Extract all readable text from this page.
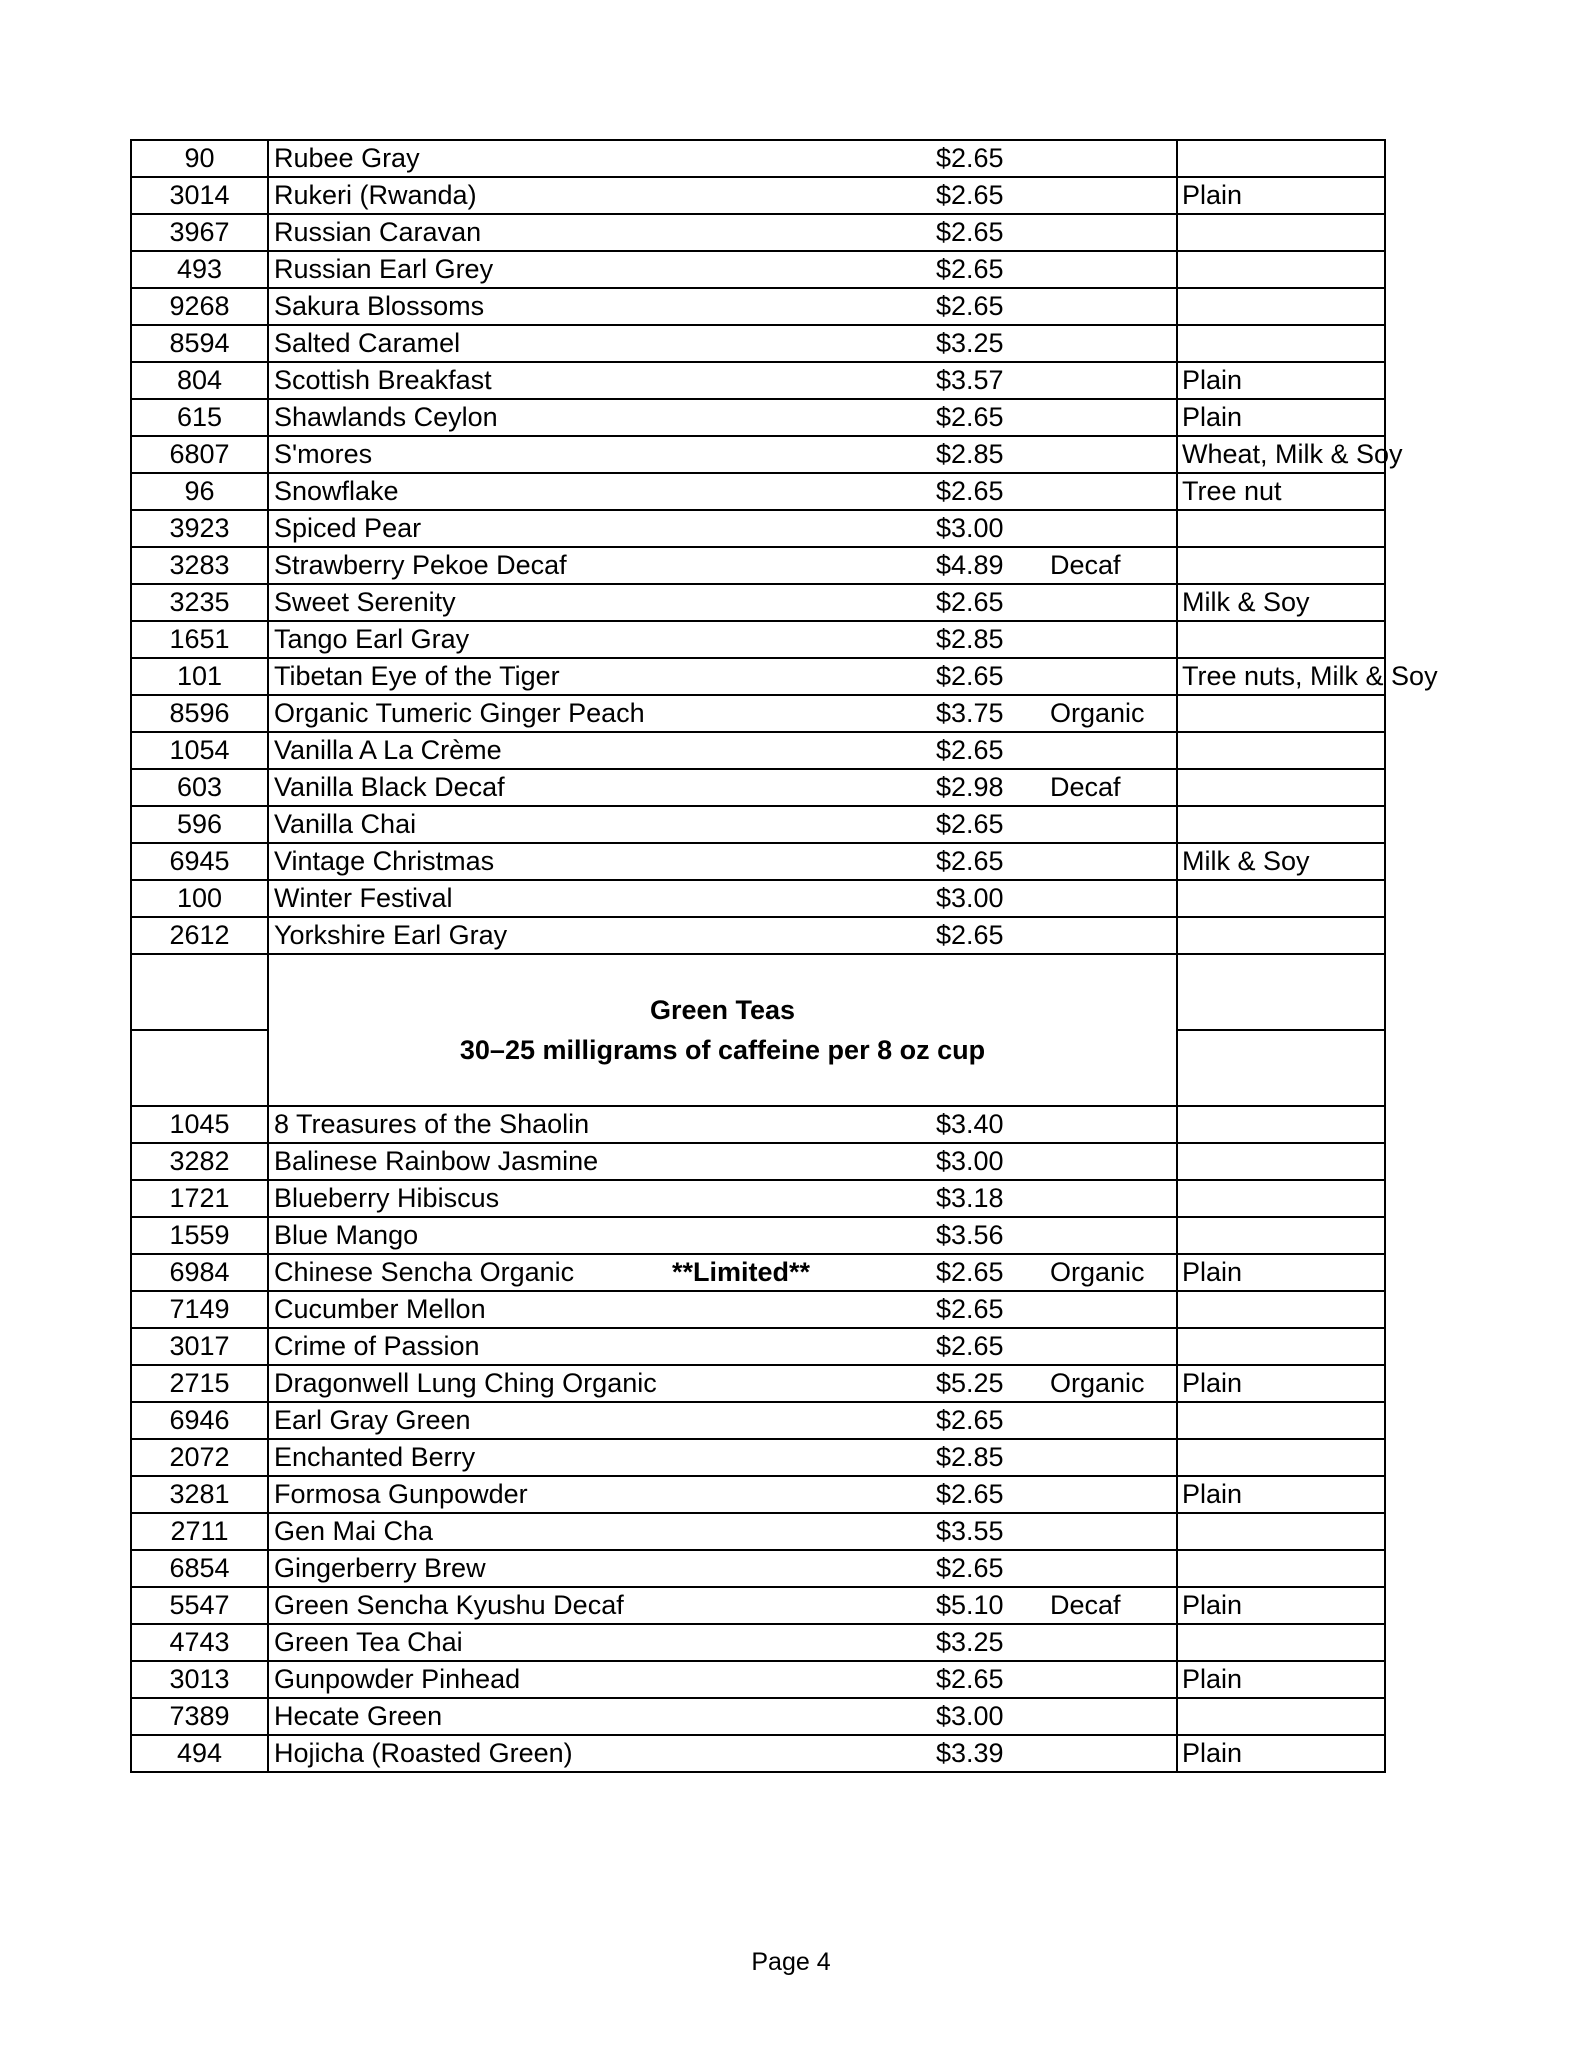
90	Rubee Gray $2.65	

3014	Rukeri (Rwanda) $2.65	Plain
3967	Russian Caravan $2.65	

493	Russian Earl Grey $2.65	

9268	Sakura Blossoms $2.65	

8594	Salted Caramel $3.25	

804	Scottish Breakfast $3.57	Plain
615	Shawlands Ceylon $2.65	Plain
6807	S'mores $2.85	Wheat, Milk & Soy
96	Snowflake $2.65	Tree nut
3923	Spiced Pear $3.00	

3283	Strawberry Pekoe Decaf $4.89 Decaf	

3235	Sweet Serenity $2.65	Milk & Soy
1651	Tango Earl Gray $2.85	

101	Tibetan Eye of the Tiger $2.65	Tree nuts, Milk & Soy
8596	Organic Tumeric Ginger Peach $3.75 Organic	

1054	Vanilla A La Crème $2.65	

603	Vanilla Black Decaf $2.98 Decaf	

596	Vanilla Chai $2.65	

6945	Vintage Christmas $2.65	Milk & Soy
100	Winter Festival $3.00	

2612	Yorkshire Earl Gray $2.65	

	Green Teas
30–25 milligrams of caffeine per 8 oz cup	

1045	8 Treasures of the Shaolin $3.40	

3282	Balinese Rainbow Jasmine $3.00	

1721	Blueberry Hibiscus $3.18	

1559	Blue Mango $3.56	

6984	Chinese Sencha Organic **Limited** $2.65 Organic	Plain
7149	Cucumber Mellon $2.65	

3017	Crime of Passion $2.65	

2715	Dragonwell Lung Ching Organic $5.25 Organic	Plain
6946	Earl Gray Green $2.65	

2072	Enchanted Berry $2.85	

3281	Formosa Gunpowder $2.65	Plain
2711	Gen Mai Cha $3.55	

6854	Gingerberry Brew $2.65	

5547	Green Sencha Kyushu Decaf $5.10 Decaf	Plain
4743	Green Tea Chai $3.25	

3013	Gunpowder Pinhead $2.65	Plain
7389	Hecate Green $3.00	

494	Hojicha (Roasted Green) $3.39	Plain
Page 4
